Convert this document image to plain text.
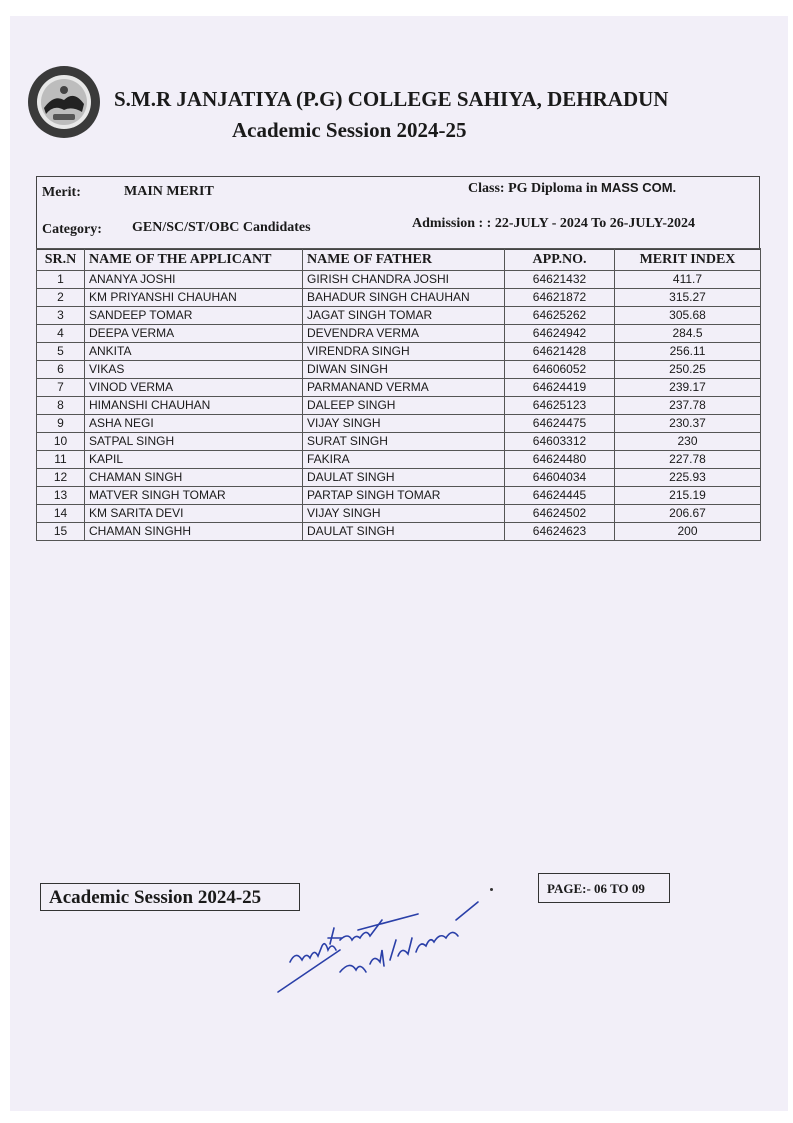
S.M.R JANJATIYA (P.G) COLLEGE SAHIYA, DEHRADUN
Academic Session 2024-25
Merit:	MAIN MERIT	Class: PG Diploma in MASS COM.
Category: GEN/SC/ST/OBC Candidates	Admission : : 22-JULY - 2024 To 26-JULY-2024
SR.N	NAME OF THE APPLICANT	NAME OF FATHER	APP.NO.	MERIT INDEX
1	ANANYA JOSHI	GIRISH CHANDRA JOSHI	64621432	411.7
2	KM PRIYANSHI CHAUHAN	BAHADUR SINGH CHAUHAN	64621872	315.27
3	SANDEEP TOMAR	JAGAT SINGH TOMAR	64625262	305.68
4	DEEPA VERMA	DEVENDRA VERMA	64624942	284.5
5	ANKITA	VIRENDRA SINGH	64621428	256.11
6	VIKAS	DIWAN SINGH	64606052	250.25
7	VINOD VERMA	PARMANAND VERMA	64624419	239.17
8	HIMANSHI CHAUHAN	DALEEP SINGH	64625123	237.78
9	ASHA NEGI	VIJAY SINGH	64624475	230.37
10	SATPAL SINGH	SURAT SINGH	64603312	230
11	KAPIL	FAKIRA	64624480	227.78
12	CHAMAN SINGH	DAULAT SINGH	64604034	225.93
13	MATVER SINGH TOMAR	PARTAP SINGH TOMAR	64624445	215.19
14	KM SARITA DEVI	VIJAY SINGH	64624502	206.67
15	CHAMAN SINGHH	DAULAT SINGH	64624623	200
Academic Session 2024-25	PAGE:- 06 TO 09
